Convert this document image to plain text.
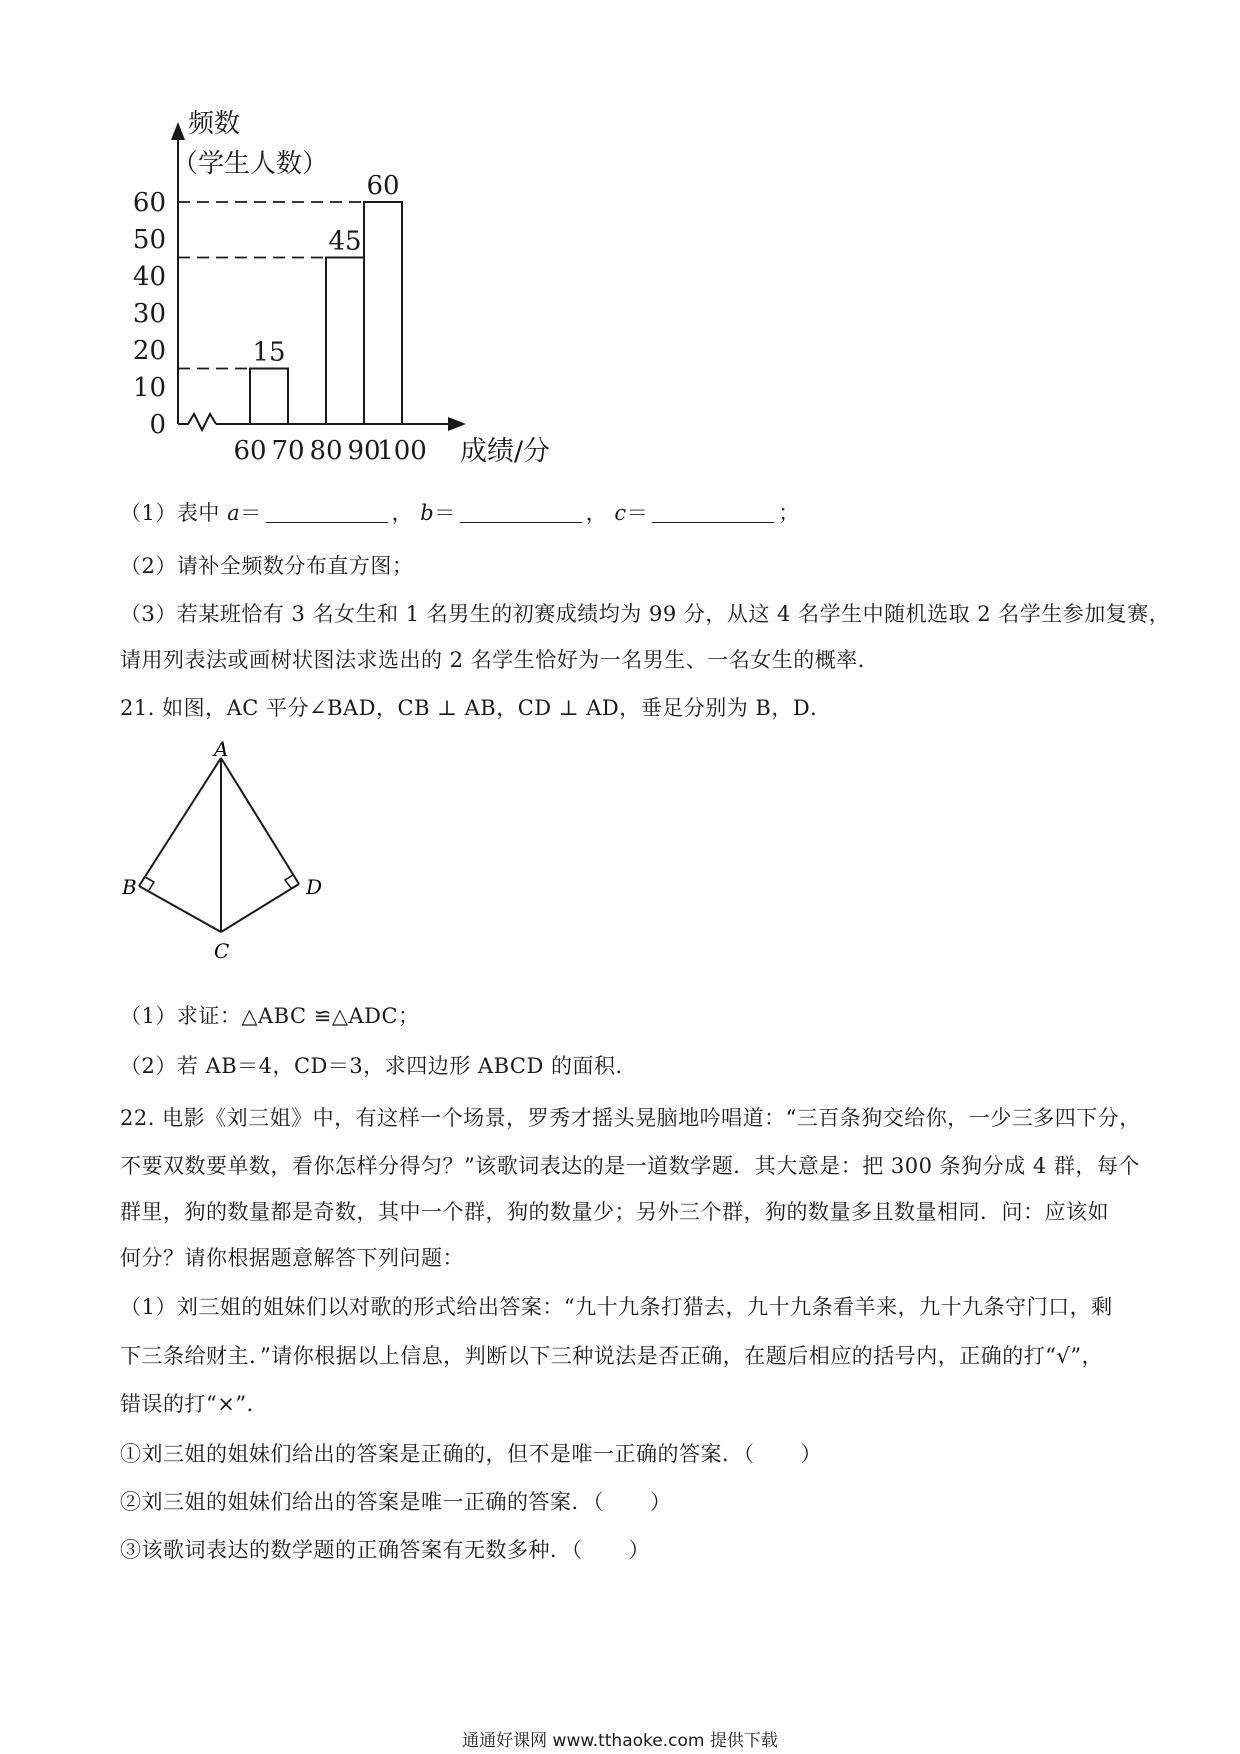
0
10
20
30
40
50
60
60 70 80 90
100
15
45
60
频数
（学生人数）
成绩/分
（1）表中 a＝	， b＝	， c＝	；
（2）请补全频数分布直方图；
（3）若某班恰有 3 名女生和 1 名男生的初赛成绩均为 99 分，从这 4 名学生中随机选取 2 名学生参加复赛，
请用列表法或画树状图法求选出的 2 名学生恰好为一名男生、一名女生的概率．
21. 如图，AC 平分∠BAD，CB ⊥ AB，CD ⊥ AD，垂足分别为 B，D．
A
B	D
C
（1）求证：△ABC ≌△ADC；
（2）若 AB＝4，CD＝3，求四边形 ABCD 的面积．
22. 电影《刘三姐》中，有这样一个场景，罗秀才摇头晃脑地吟唱道：“三百条狗交给你，一少三多四下分，
不要双数要单数，看你怎样分得匀？”该歌词表达的是一道数学题．其大意是：把 300 条狗分成 4 群，每个
群里，狗的数量都是奇数，其中一个群，狗的数量少；另外三个群，狗的数量多且数量相同．问：应该如
何分？请你根据题意解答下列问题：
（1）刘三姐的姐妹们以对歌的形式给出答案：“九十九条打猎去，九十九条看羊来，九十九条守门口，剩
下三条给财主．”请你根据以上信息，判断以下三种说法是否正确，在题后相应的括号内，正确的打“√”，
错误的打“×”．
①刘三姐的姐妹们给出的答案是正确的，但不是唯一正确的答案．（ ）
②刘三姐的姐妹们给出的答案是唯一正确的答案．（ ）
③该歌词表达的数学题的正确答案有无数多种．（ ）
通通好课网 www.tthaoke.com 提供下载
